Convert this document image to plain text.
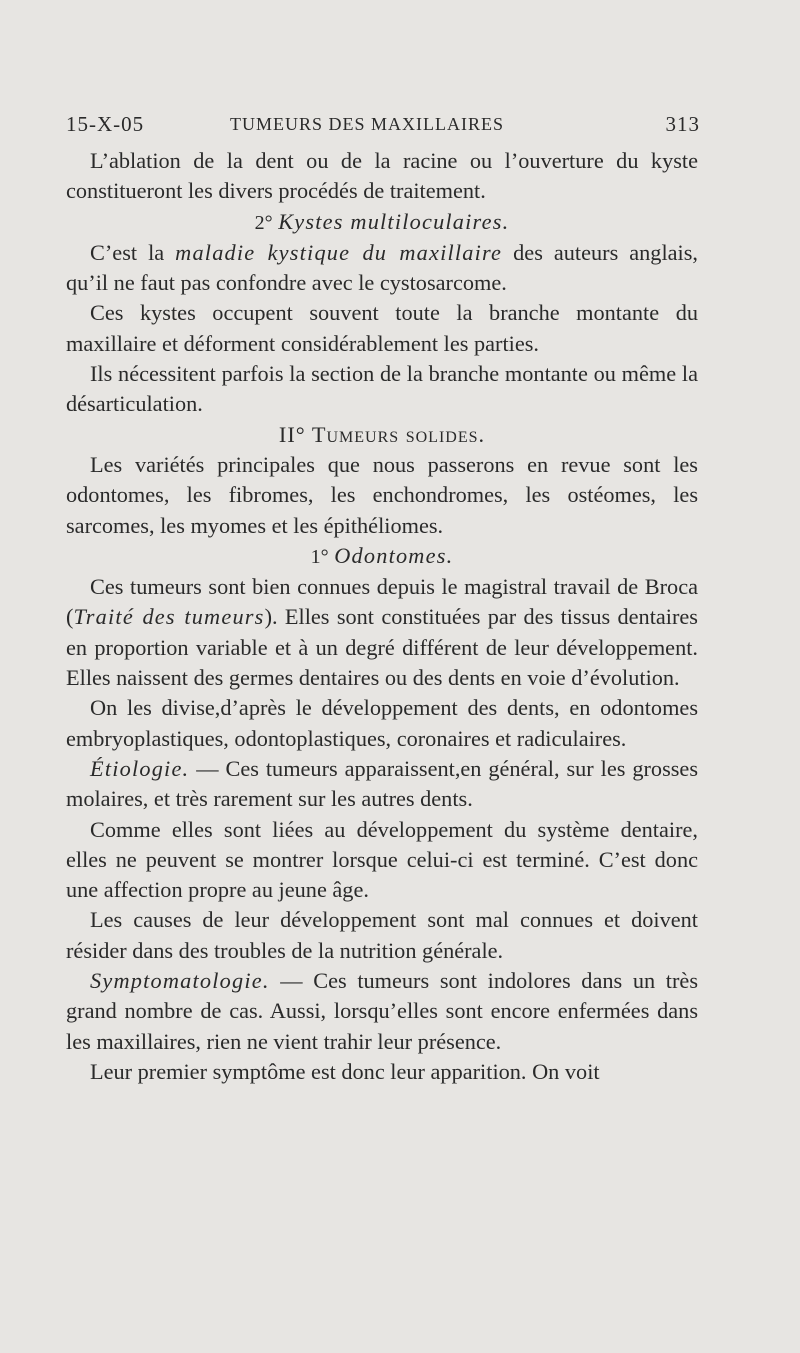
15-X-05	TUMEURS DES MAXILLAIRES	313

L’ablation de la dent ou de la racine ou l’ouverture du kyste constitueront les divers procédés de traitement.

2° Kystes multiloculaires.

C’est la maladie kystique du maxillaire des auteurs anglais, qu’il ne faut pas confondre avec le cystosarcome.

Ces kystes occupent souvent toute la branche montante du maxillaire et déforment considérablement les parties.

Ils nécessitent parfois la section de la branche montante ou même la désarticulation.

II° Tumeurs solides.

Les variétés principales que nous passerons en revue sont les odontomes, les fibromes, les enchondromes, les ostéomes, les sarcomes, les myomes et les épithéliomes.

1° Odontomes.

Ces tumeurs sont bien connues depuis le magistral travail de Broca (Traité des tumeurs). Elles sont constituées par des tissus dentaires en proportion variable et à un degré différent de leur développement. Elles naissent des germes dentaires ou des dents en voie d’évolution.

On les divise,d’après le développement des dents, en odontomes embryoplastiques, odontoplastiques, coronaires et radiculaires.

Étiologie. — Ces tumeurs apparaissent,en général, sur les grosses molaires, et très rarement sur les autres dents.

Comme elles sont liées au développement du système dentaire, elles ne peuvent se montrer lorsque celui-ci est terminé. C’est donc une affection propre au jeune âge.

Les causes de leur développement sont mal connues et doivent résider dans des troubles de la nutrition générale.

Symptomatologie. — Ces tumeurs sont indolores dans un très grand nombre de cas. Aussi, lorsqu’elles sont encore enfermées dans les maxillaires, rien ne vient trahir leur présence.

Leur premier symptôme est donc leur apparition. On voit
